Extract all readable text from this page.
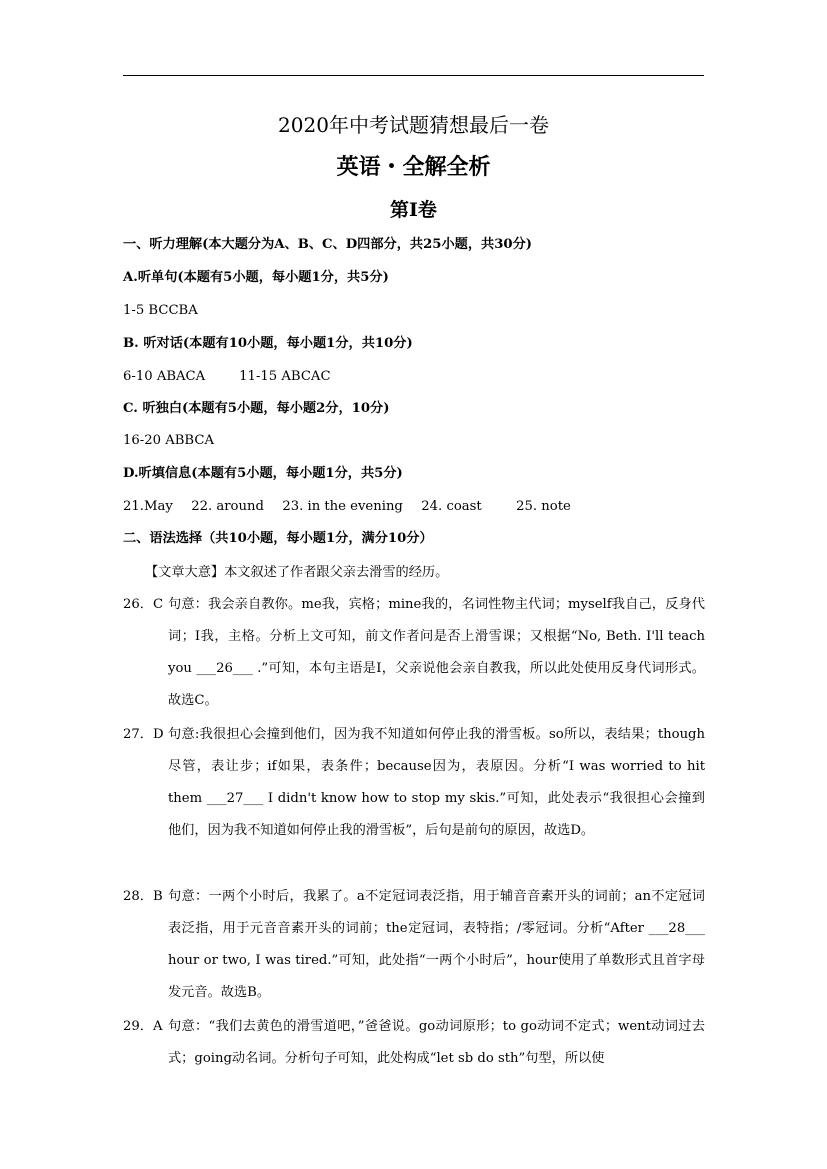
2020年中考试题猜想最后一卷
英语・全解全析
第I卷
一、听力理解(本大题分为A、B、C、D四部分，共25小题，共30分)
A.听单句(本题有5小题，每小题1分，共5分)
1-5 BCCBA
B. 听对话(本题有10小题，每小题1分，共10分)
6-10 ABACA	11-15 ABCAC
C. 听独白(本题有5小题，每小题2分，10分)
16-20 ABBCA
D.听填信息(本题有5小题，每小题1分，共5分)
21.May 22. around 23. in the evening 24. coast	25. note
二、语法选择（共10小题，每小题1分，满分10分）
【文章大意】本文叙述了作者跟父亲去滑雪的经历。
26．C 句意：我会亲自教你。me我，宾格；mine我的，名词性物主代词；myself我自己，反身代词；I我，主格。分析上文可知，前文作者问是否上滑雪课；又根据“No, Beth. I'll teach you ___26___ .”可知，本句主语是I，父亲说他会亲自教我，所以此处使用反身代词形式。故选C。
27．D 句意:我很担心会撞到他们，因为我不知道如何停止我的滑雪板。so所以，表结果；though尽管，表让步；if如果，表条件；because因为，表原因。分析“I was worried to hit them ___27___ I didn't know how to stop my skis.”可知，此处表示“我很担心会撞到他们，因为我不知道如何停止我的滑雪板”，后句是前句的原因，故选D。
28．B 句意：一两个小时后，我累了。a不定冠词表泛指，用于辅音音素开头的词前；an不定冠词表泛指，用于元音音素开头的词前；the定冠词，表特指；/零冠词。分析“After ___28___ hour or two, I was tired.”可知，此处指“一两个小时后”，hour使用了单数形式且首字母发元音。故选B。
29．A 句意：“我们去黄色的滑雪道吧，”爸爸说。go动词原形；to go动词不定式；went动词过去式；going动名词。分析句子可知，此处构成“let sb do sth”句型，所以使
